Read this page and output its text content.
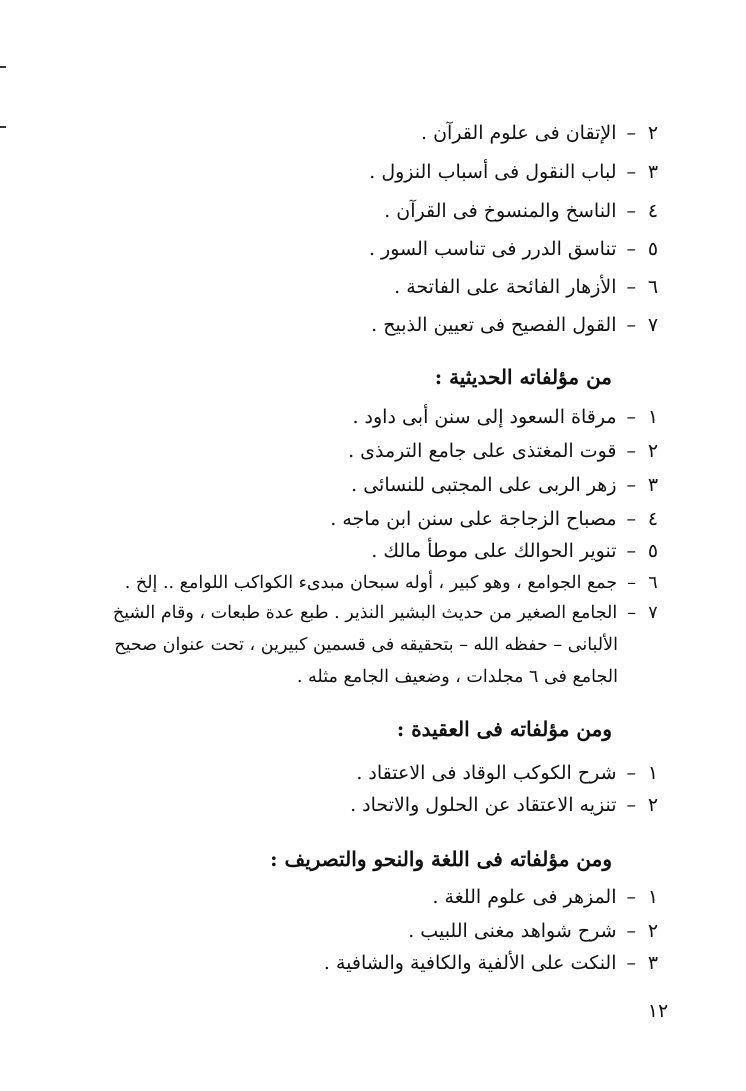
٢–الإتقان فى علوم القرآن .
٣–لباب النقول فى أسباب النزول .
٤–الناسخ والمنسوخ فى القرآن .
٥–تناسق الدرر فى تناسب السور .
٦–الأزهار الفائحة على الفاتحة .
٧–القول الفصيح فى تعيين الذبيح .
من مؤلفاته الحديثية :
١–مرقاة السعود إلى سنن أبى داود .
٢–قوت المغتذى على جامع الترمذى .
٣–زهر الربى على المجتبى للنسائى .
٤–مصباح الزجاجة على سنن ابن ماجه .
٥–تنوير الحوالك على موطأ مالك .
٦–جمع الجوامع ، وهو كبير ، أوله سبحان مبدىء الكواكب اللوامع .. إلخ .
٧–الجامع الصغير من حديث البشير النذير . طبع عدة طبعات ، وقام الشيخ
الألبانى – حفظه الله – بتحقيقه فى قسمين كبيرين ، تحت عنوان صحيح
الجامع فى ٦ مجلدات ، وضعيف الجامع مثله .
ومن مؤلفاته فى العقيدة :
١–شرح الكوكب الوقاد فى الاعتقاد .
٢–تنزيه الاعتقاد عن الحلول والاتحاد .
ومن مؤلفاته فى اللغة والنحو والتصريف :
١–المزهر فى علوم اللغة .
٢–شرح شواهد مغنى اللبيب .
٣–النكت على الألفية والكافية والشافية .
١٢
